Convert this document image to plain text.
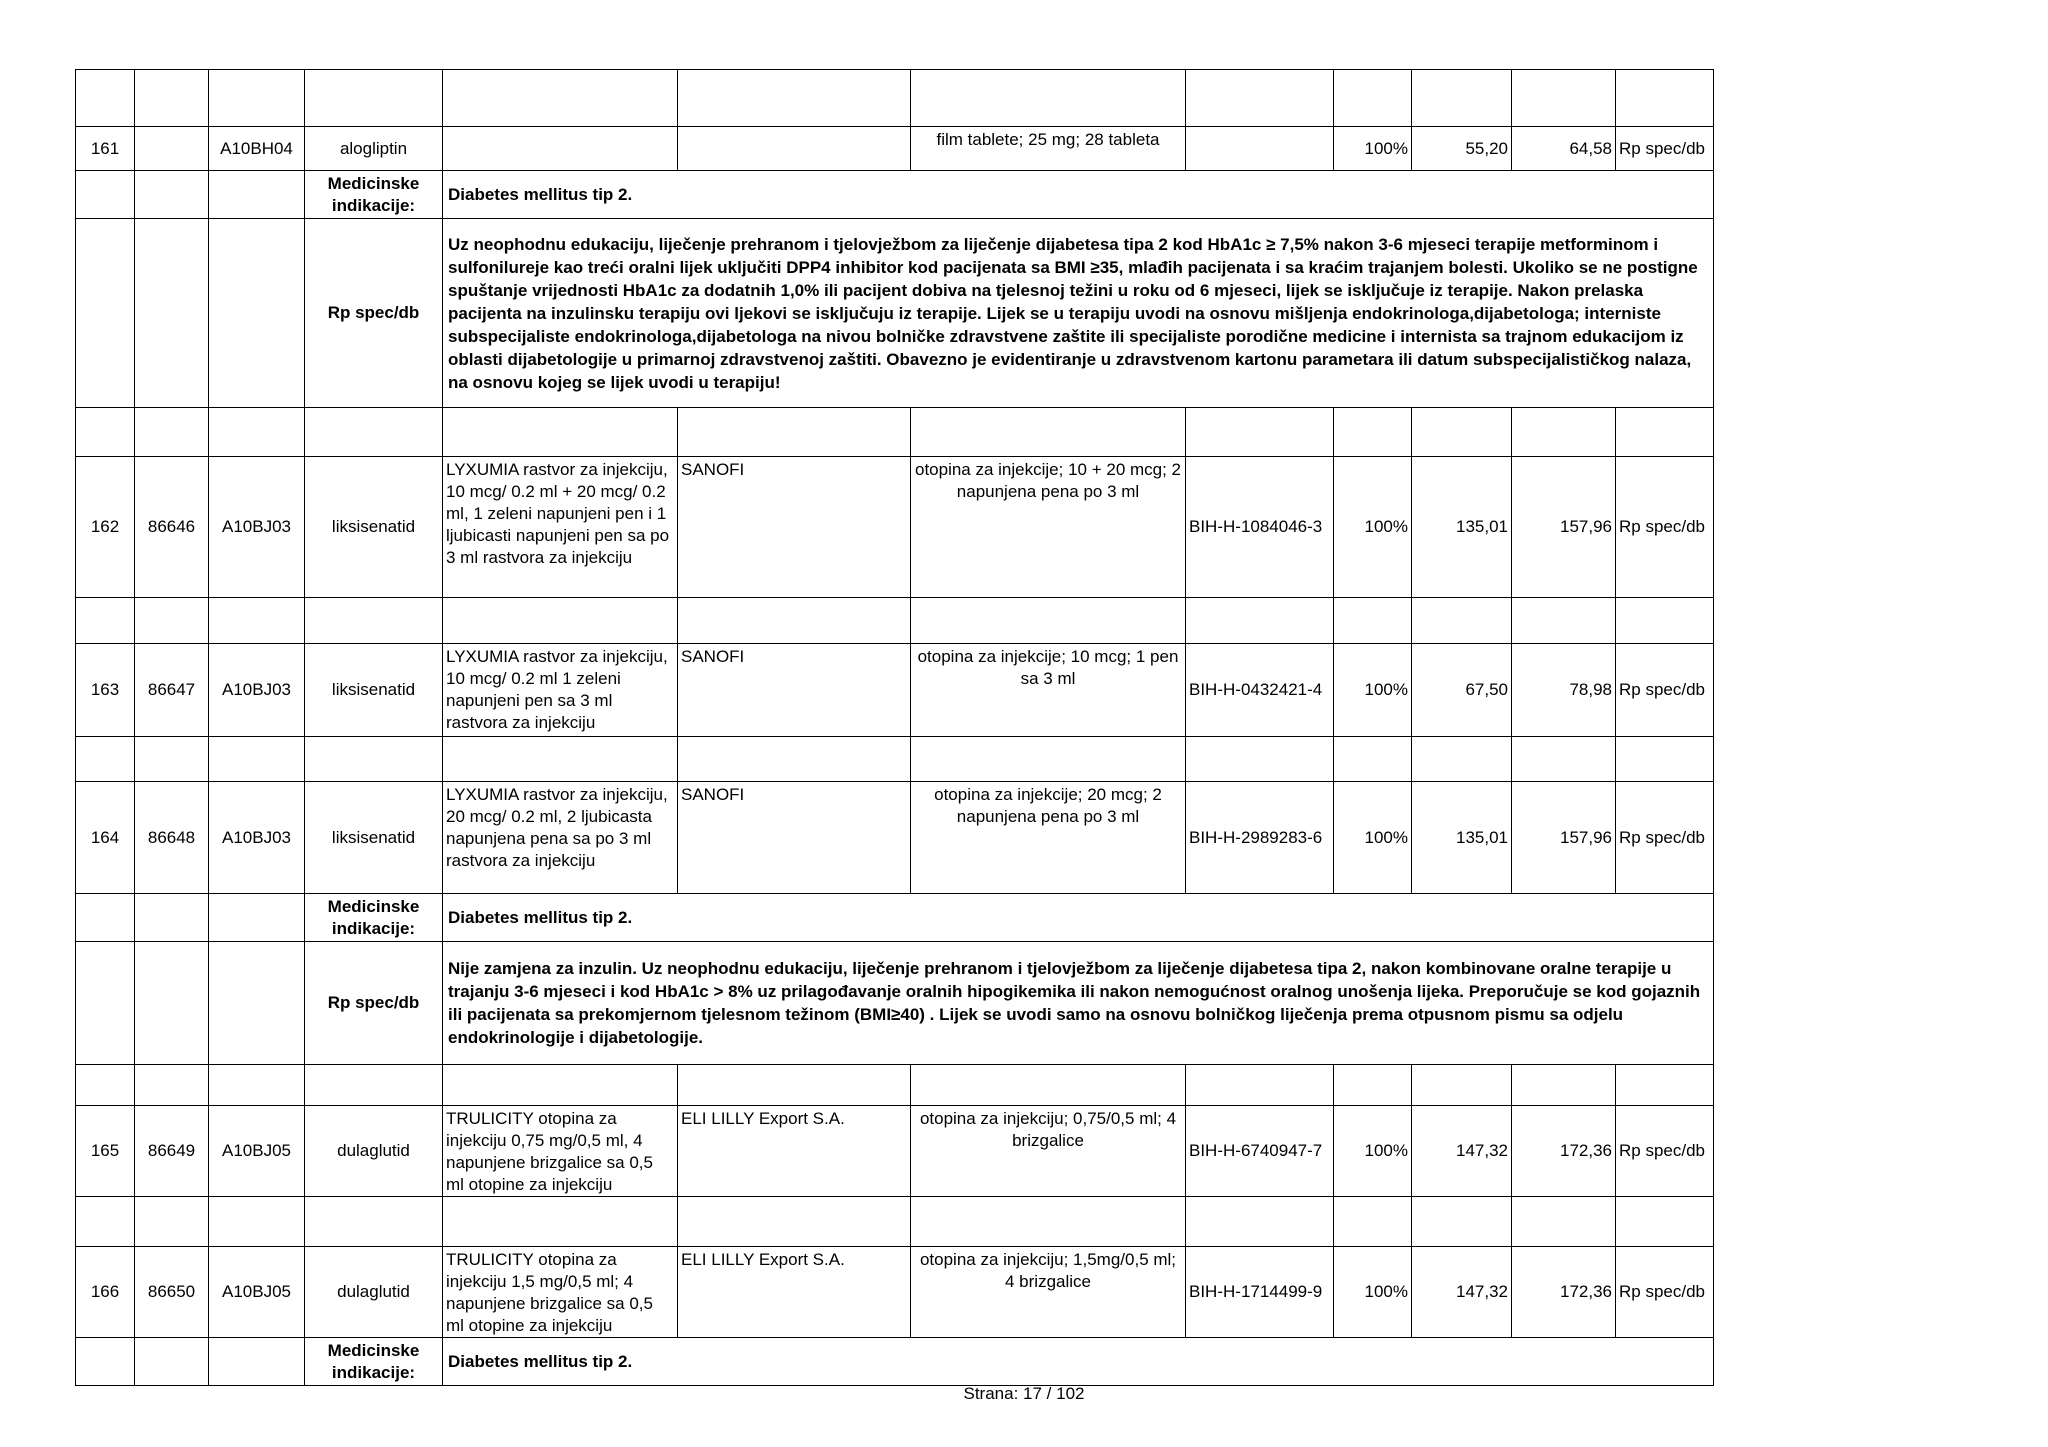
161		A10BH04	alogliptin			film tablete; 25 mg; 28 tableta		100%	55,20	64,58	Rp spec/db
			Medicinske indikacije:	Diabetes mellitus tip 2.							
			Rp spec/db	Uz neophodnu edukaciju, liječenje prehranom i tjelovježbom za liječenje dijabetesa tipa 2 kod HbA1c ≥ 7,5% nakon 3-6 mjeseci terapije metforminom i sulfonilureje kao treći oralni lijek uključiti DPP4 inhibitor kod pacijenata sa BMI ≥35, mlađih pacijenata i sa kraćim trajanjem bolesti. Ukoliko se ne postigne spuštanje vrijednosti HbA1c za dodatnih 1,0% ili pacijent dobiva na tjelesnoj težini u roku od 6 mjeseci, lijek se isključuje iz terapije. Nakon prelaska pacijenta na inzulinsku terapiju ovi ljekovi se isključuju iz terapije. Lijek se u terapiju uvodi na osnovu mišljenja endokrinologa,dijabetologa; interniste subspecijaliste endokrinologa,dijabetologa na nivou bolničke zdravstvene zaštite ili specijaliste porodične medicine i internista sa trajnom edukacijom iz oblasti dijabetologije u primarnoj zdravstvenoj zaštiti. Obavezno je evidentiranje u zdravstvenom kartonu parametara ili datum subspecijalističkog nalaza, na osnovu kojeg se lijek uvodi u terapiju!							

162	86646	A10BJ03	liksisenatid	LYXUMIA rastvor za injekciju, 10 mcg/ 0.2 ml + 20 mcg/ 0.2 ml, 1 zeleni napunjeni pen i 1 ljubicasti napunjeni pen sa po 3 ml rastvora za injekciju	SANOFI	otopina za injekcije; 10 + 20 mcg; 2 napunjena pena po 3 ml	BIH-H-1084046-3	100%	135,01	157,96	Rp spec/db

163	86647	A10BJ03	liksisenatid	LYXUMIA rastvor za injekciju, 10 mcg/ 0.2 ml 1 zeleni napunjeni pen sa 3 ml rastvora za injekciju	SANOFI	otopina za injekcije; 10 mcg; 1 pen sa 3 ml	BIH-H-0432421-4	100%	67,50	78,98	Rp spec/db

164	86648	A10BJ03	liksisenatid	LYXUMIA rastvor za injekciju, 20 mcg/ 0.2 ml, 2 ljubicasta napunjena pena sa po 3 ml rastvora za injekciju	SANOFI	otopina za injekcije; 20 mcg; 2 napunjena pena po 3 ml	BIH-H-2989283-6	100%	135,01	157,96	Rp spec/db
			Medicinske indikacije:	Diabetes mellitus tip 2.							
			Rp spec/db	Nije zamjena za inzulin. Uz neophodnu edukaciju, liječenje prehranom i tjelovježbom za liječenje dijabetesa tipa 2, nakon kombinovane oralne terapije u trajanju 3-6 mjeseci i kod HbA1c > 8% uz prilagođavanje oralnih hipogikemika ili nakon nemogućnost oralnog unošenja lijeka. Preporučuje se kod gojaznih ili pacijenata sa prekomjernom tjelesnom težinom (BMI≥40) . Lijek se uvodi samo na osnovu bolničkog liječenja prema otpusnom pismu sa odjelu endokrinologije i dijabetologije.							

165	86649	A10BJ05	dulaglutid	TRULICITY otopina za injekciju 0,75 mg/0,5 ml, 4 napunjene brizgalice sa 0,5 ml otopine za injekciju	ELI LILLY Export S.A.	otopina za injekciju; 0,75/0,5 ml; 4 brizgalice	BIH-H-6740947-7	100%	147,32	172,36	Rp spec/db

166	86650	A10BJ05	dulaglutid	TRULICITY otopina za injekciju 1,5 mg/0,5 ml; 4 napunjene brizgalice sa 0,5 ml otopine za injekciju	ELI LILLY Export S.A.	otopina za injekciju; 1,5mg/0,5 ml; 4 brizgalice	BIH-H-1714499-9	100%	147,32	172,36	Rp spec/db
			Medicinske indikacije:	Diabetes mellitus tip 2.							
Strana: 17 / 102
